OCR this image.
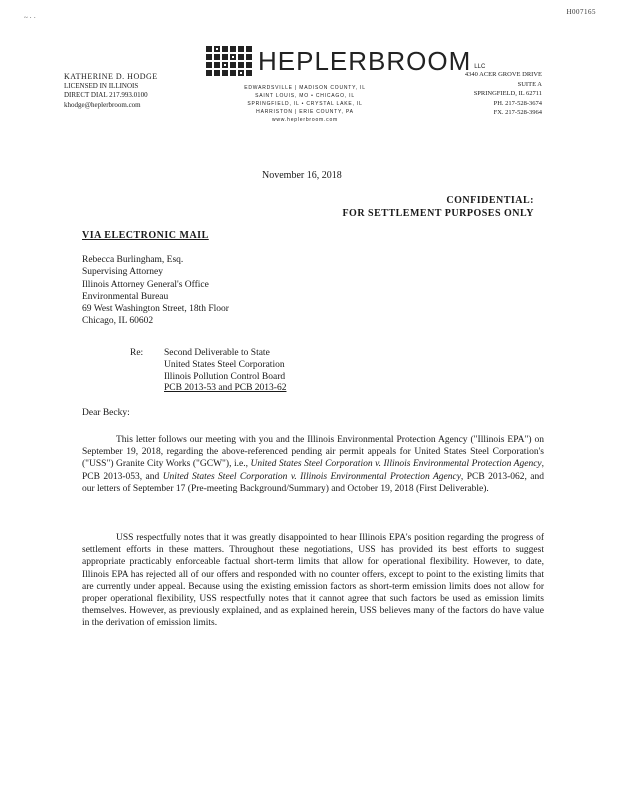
H007165
~ · ·
HEPLERBROOM LLC
KATHERINE D. HODGE
LICENSED IN ILLINOIS
DIRECT DIAL 217.993.0100
khodge@heplerbroom.com
EDWARDSVILLE | MADISON COUNTY, IL
SAINT LOUIS, MO • CHICAGO, IL
SPRINGFIELD, IL • CRYSTAL LAKE, IL
HARRISTON | ERIE COUNTY, PA
www.heplerbroom.com
4340 ACER GROVE DRIVE
SUITE A
SPRINGFIELD, IL 62711
PH. 217-528-3674
FX. 217-528-3964
November 16, 2018
CONFIDENTIAL:
FOR SETTLEMENT PURPOSES ONLY
VIA ELECTRONIC MAIL
Rebecca Burlingham, Esq.
Supervising Attorney
Illinois Attorney General's Office
Environmental Bureau
69 West Washington Street, 18th Floor
Chicago, IL 60602
Re: Second Deliverable to State
United States Steel Corporation
Illinois Pollution Control Board
PCB 2013-53 and PCB 2013-62
Dear Becky:
This letter follows our meeting with you and the Illinois Environmental Protection Agency ("Illinois EPA") on September 19, 2018, regarding the above-referenced pending air permit appeals for United States Steel Corporation's ("USS") Granite City Works ("GCW"), i.e., United States Steel Corporation v. Illinois Environmental Protection Agency, PCB 2013-053, and United States Steel Corporation v. Illinois Environmental Protection Agency, PCB 2013-062, and our letters of September 17 (Pre-meeting Background/Summary) and October 19, 2018 (First Deliverable).
USS respectfully notes that it was greatly disappointed to hear Illinois EPA's position regarding the progress of settlement efforts in these matters. Throughout these negotiations, USS has provided its best efforts to suggest appropriate practicably enforceable factual short-term limits that allow for operational flexibility. However, to date, Illinois EPA has rejected all of our offers and responded with no counter offers, except to point to the existing limits that are currently under appeal. Because using the existing emission factors as short-term emission limits does not allow for proper operational flexibility, USS respectfully notes that it cannot agree that such factors be used as emission limits themselves. However, as previously explained, and as explained herein, USS believes many of the factors do have value in the derivation of emission limits.
